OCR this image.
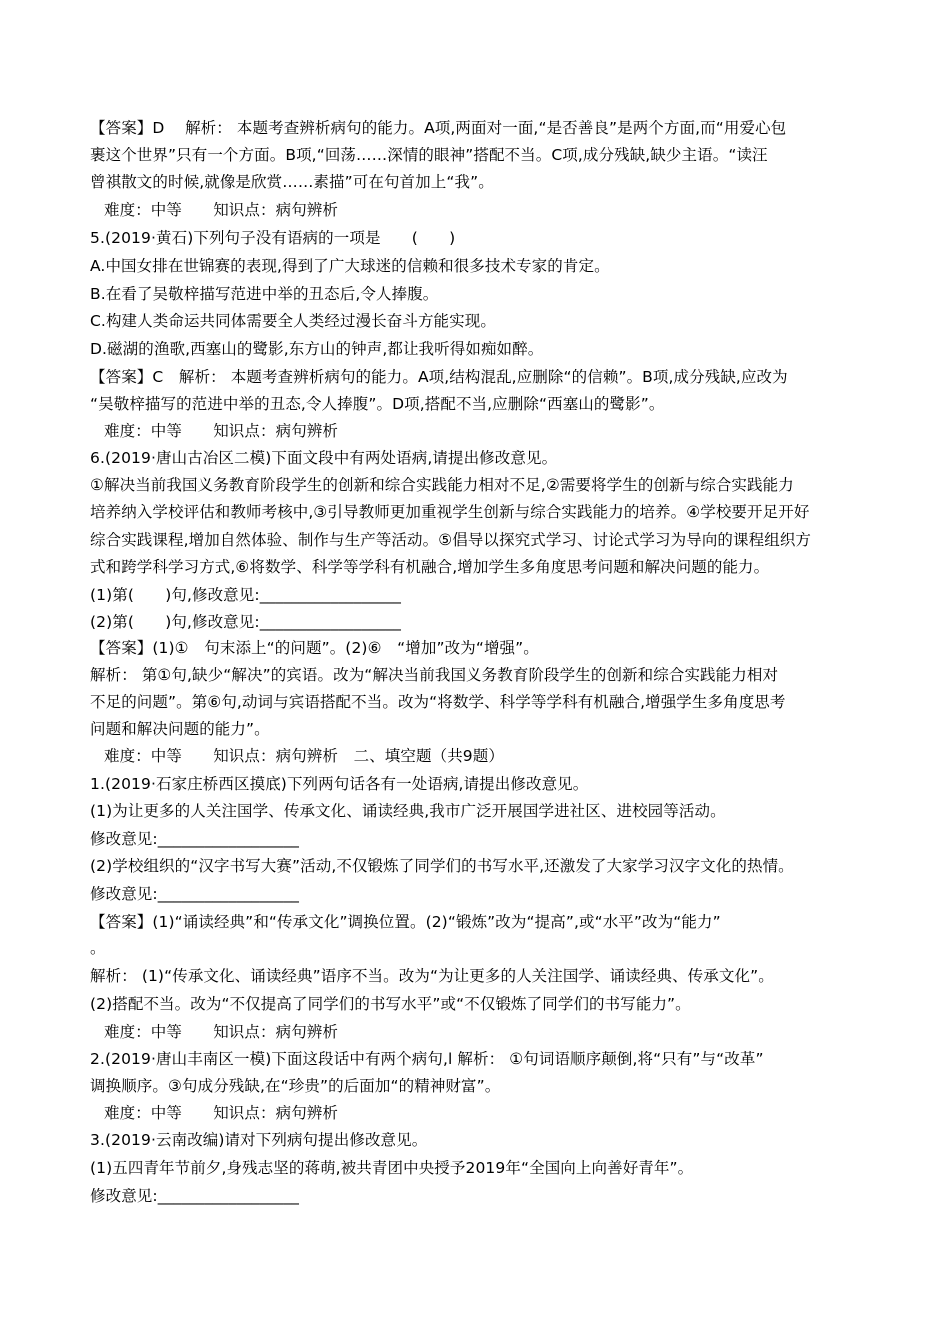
【答案】D　 解析： 本题考查辨析病句的能力。A项,两面对一面,“是否善良”是两个方面,而“用爱心包
裹这个世界”只有一个方面。B项,“回荡……深情的眼神”搭配不当。C项,成分残缺,缺少主语。“读汪
曾祺散文的时候,就像是欣赏……素描”可在句首加上“我”。
难度：中等　　知识点：病句辨析
5.(2019·黄石)下列句子没有语病的一项是　　(　　)
A.中国女排在世锦赛的表现,得到了广大球迷的信赖和很多技术专家的肯定。
B.在看了吴敬梓描写范进中举的丑态后,令人捧腹。
C.构建人类命运共同体需要全人类经过漫长奋斗方能实现。
D.磁湖的渔歌,西塞山的鹭影,东方山的钟声,都让我听得如痴如醉。
【答案】C　解析： 本题考查辨析病句的能力。A项,结构混乱,应删除“的信赖”。B项,成分残缺,应改为
“吴敬梓描写的范进中举的丑态,令人捧腹”。D项,搭配不当,应删除“西塞山的鹭影”。
难度：中等　　知识点：病句辨析
6.(2019·唐山古冶区二模)下面文段中有两处语病,请提出修改意见。
①解决当前我国义务教育阶段学生的创新和综合实践能力相对不足,②需要将学生的创新与综合实践能力
培养纳入学校评估和教师考核中,③引导教师更加重视学生创新与综合实践能力的培养。④学校要开足开好
综合实践课程,增加自然体验、制作与生产等活动。⑤倡导以探究式学习、讨论式学习为导向的课程组织方
式和跨学科学习方式,⑥将数学、科学等学科有机融合,增加学生多角度思考问题和解决问题的能力。
(1)第(　　)句,修改意见:__________________
(2)第(　　)句,修改意见:__________________
【答案】(1)①　句末添上“的问题”。(2)⑥　“增加”改为“增强”。
解析： 第①句,缺少“解决”的宾语。改为“解决当前我国义务教育阶段学生的创新和综合实践能力相对
不足的问题”。第⑥句,动词与宾语搭配不当。改为“将数学、科学等学科有机融合,增强学生多角度思考
问题和解决问题的能力”。
难度：中等　　知识点：病句辨析　二、填空题（共9题）
1.(2019·石家庄桥西区摸底)下列两句话各有一处语病,请提出修改意见。
(1)为让更多的人关注国学、传承文化、诵读经典,我市广泛开展国学进社区、进校园等活动。
修改意见:__________________
(2)学校组织的“汉字书写大赛”活动,不仅锻炼了同学们的书写水平,还激发了大家学习汉字文化的热情。
修改意见:__________________
【答案】(1)“诵读经典”和“传承文化”调换位置。(2)“锻炼”改为“提高”,或“水平”改为“能力”
。
解析： (1)“传承文化、诵读经典”语序不当。改为“为让更多的人关注国学、诵读经典、传承文化”。
(2)搭配不当。改为“不仅提高了同学们的书写水平”或“不仅锻炼了同学们的书写能力”。
难度：中等　　知识点：病句辨析
2.(2019·唐山丰南区一模)下面这段话中有两个病句,l 解析： ①句词语顺序颠倒,将“只有”与“改革”
调换顺序。③句成分残缺,在“珍贵”的后面加“的精神财富”。
难度：中等　　知识点：病句辨析
3.(2019·云南改编)请对下列病句提出修改意见。
(1)五四青年节前夕,身残志坚的蒋萌,被共青团中央授予2019年“全国向上向善好青年”。
修改意见:__________________
